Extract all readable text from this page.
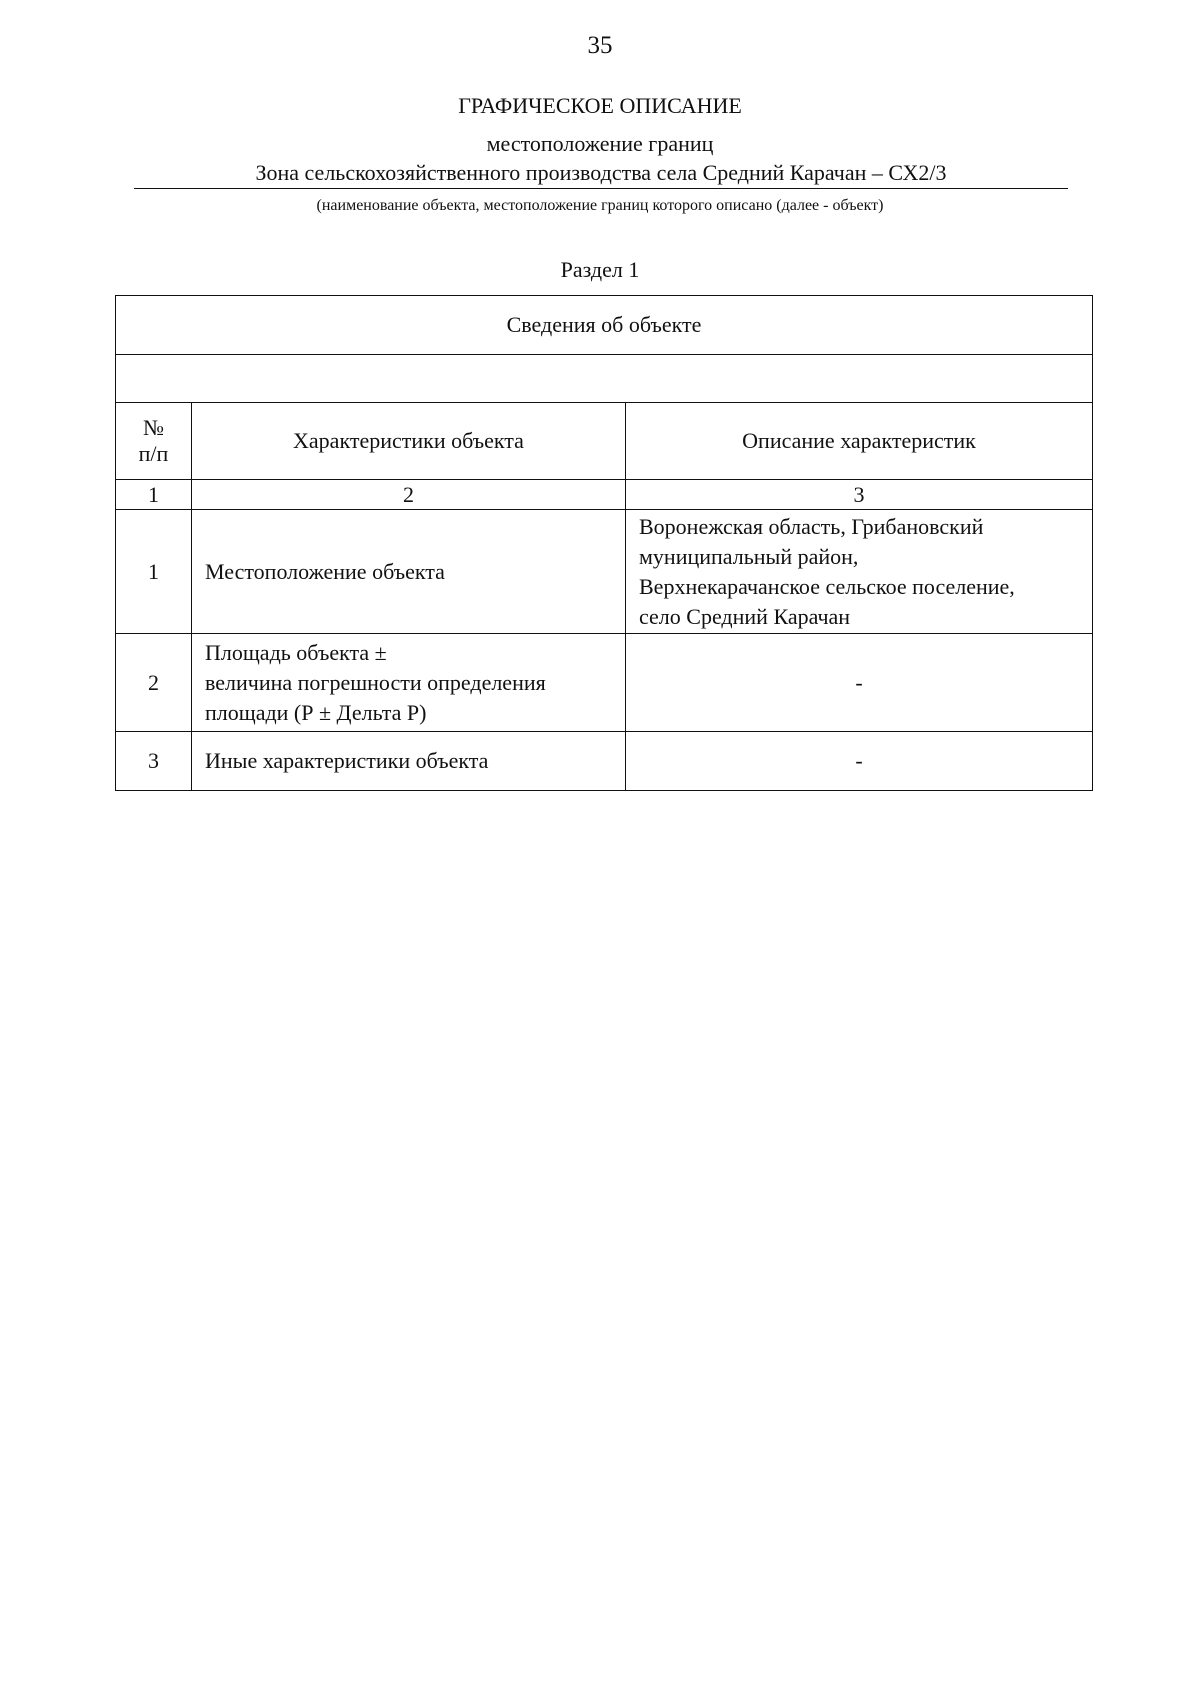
35
ГРАФИЧЕСКОЕ ОПИСАНИЕ
местоположение границ
Зона сельскохозяйственного производства села Средний Карачан – СХ2/3
(наименование объекта, местоположение границ которого описано (далее - объект)
Раздел 1
Сведения об объекте		

№
п/п	Характеристики объекта	Описание характеристик
1	2	3
1	Местоположение объекта	Воронежская область, Грибановский
муниципальный район,
Верхнекарачанское сельское поселение,
село Средний Карачан
2	Площадь объекта ±
величина погрешности определения
площади (Р ± Дельта Р)	-
3	Иные характеристики объекта	-
